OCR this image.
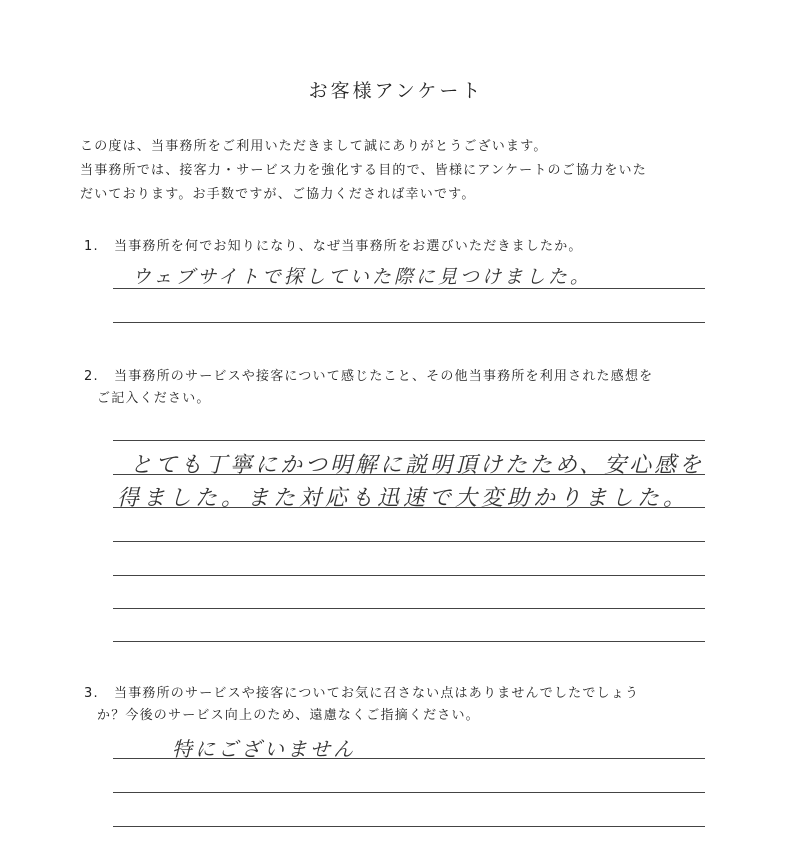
お客様アンケート
この度は、当事務所をご利用いただきまして誠にありがとうございます。
当事務所では、接客力・サービス力を強化する目的で、皆様にアンケートのご協力をいた
だいております。お手数ですが、ご協力くだされば幸いです。
1. 当事務所を何でお知りになり、なぜ当事務所をお選びいただきましたか。
ウェブサイトで探していた際に見つけました。
2. 当事務所のサービスや接客について感じたこと、その他当事務所を利用された感想を
ご記入ください。
とても丁寧にかつ明解に説明頂けたため、安心感を
得ました。また対応も迅速で大変助かりました。
3. 当事務所のサービスや接客についてお気に召さない点はありませんでしたでしょう
か？今後のサービス向上のため、遠慮なくご指摘ください。
特にございません
